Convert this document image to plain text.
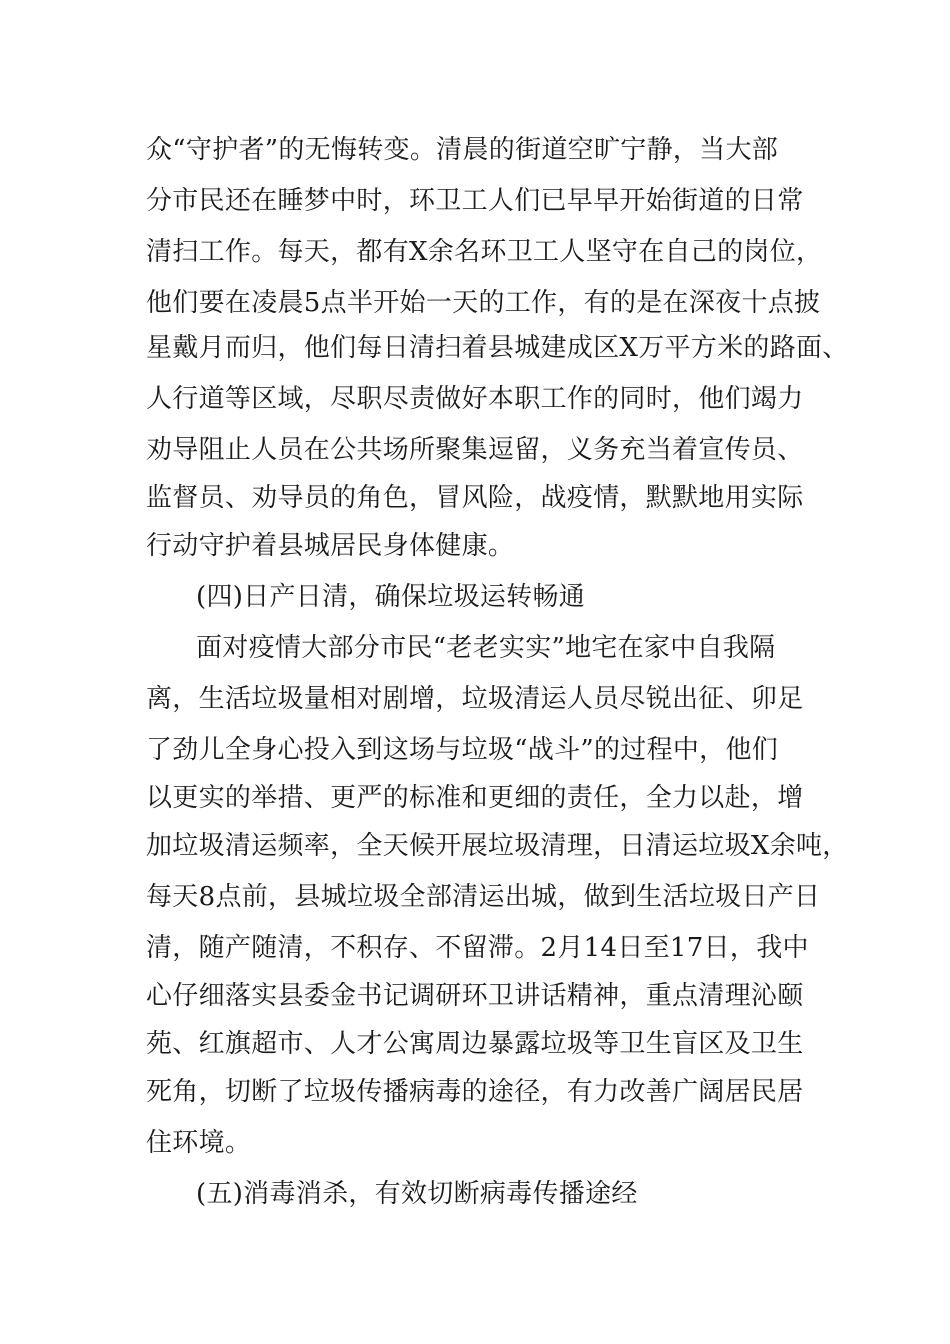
众“守护者”的无悔转变。清晨的街道空旷宁静，当大部
分市民还在睡梦中时，环卫工人们已早早开始街道的日常
清扫工作。每天，都有X余名环卫工人坚守在自己的岗位，
他们要在凌晨5点半开始一天的工作，有的是在深夜十点披
星戴月而归，他们每日清扫着县城建成区X万平方米的路面、
人行道等区域，尽职尽责做好本职工作的同时，他们竭力
劝导阻止人员在公共场所聚集逗留，义务充当着宣传员、
监督员、劝导员的角色，冒风险，战疫情，默默地用实际
行动守护着县城居民身体健康。
(四)日产日清，确保垃圾运转畅通
面对疫情大部分市民“老老实实”地宅在家中自我隔
离，生活垃圾量相对剧增，垃圾清运人员尽锐出征、卯足
了劲儿全身心投入到这场与垃圾“战斗”的过程中，他们
以更实的举措、更严的标准和更细的责任，全力以赴，增
加垃圾清运频率，全天候开展垃圾清理，日清运垃圾X余吨，
每天8点前，县城垃圾全部清运出城，做到生活垃圾日产日
清，随产随清，不积存、不留滞。2月14日至17日，我中
心仔细落实县委金书记调研环卫讲话精神，重点清理沁颐
苑、红旗超市、人才公寓周边暴露垃圾等卫生盲区及卫生
死角，切断了垃圾传播病毒的途径，有力改善广阔居民居
住环境。
(五)消毒消杀，有效切断病毒传播途经
